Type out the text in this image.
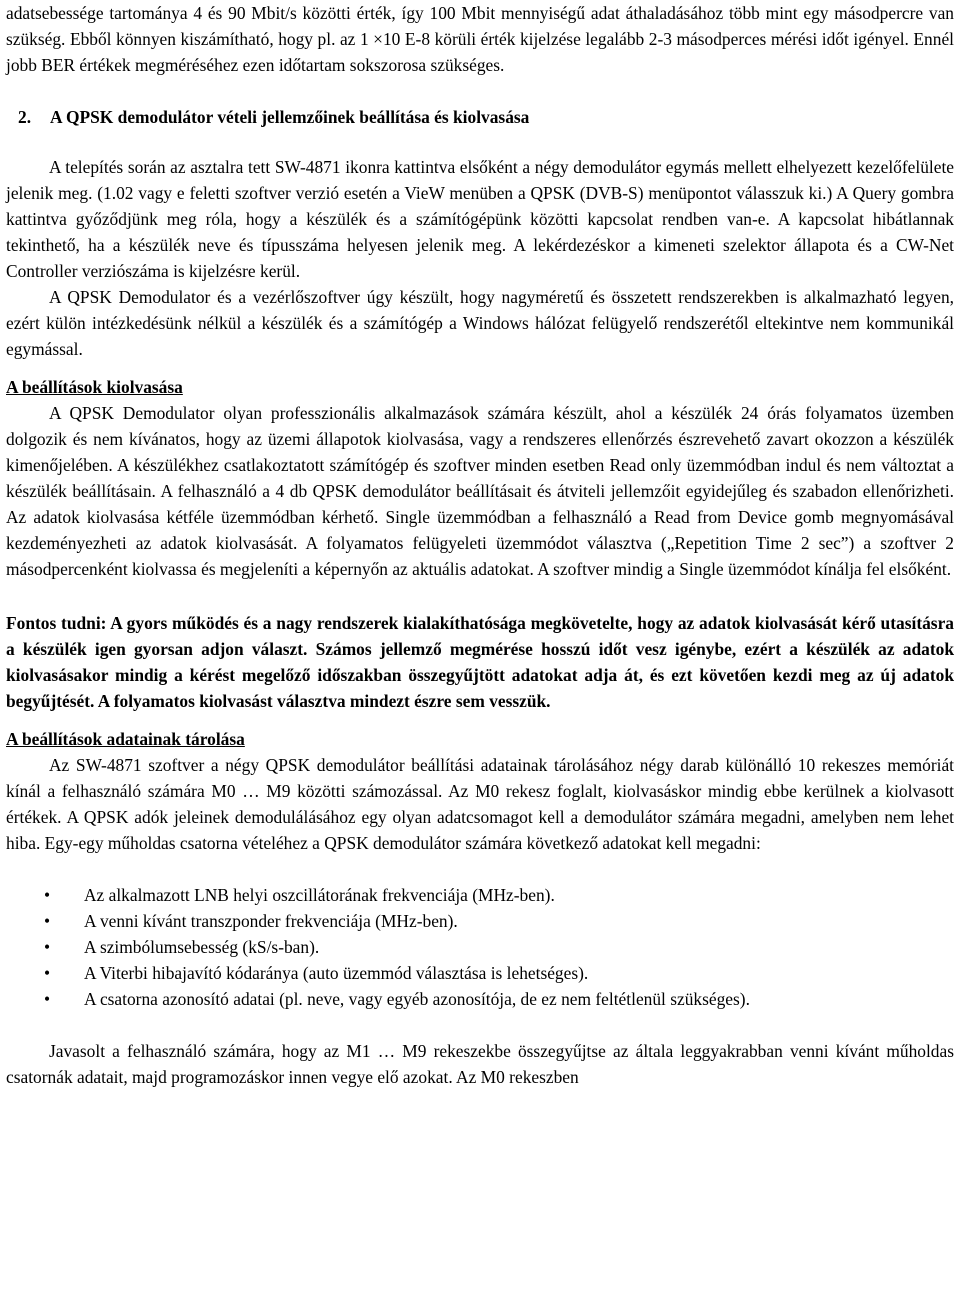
adatsebessége tartománya 4 és 90 Mbit/s közötti érték, így 100 Mbit mennyiségű adat áthaladásához több mint egy másodpercre van szükség. Ebből könnyen kiszámítható, hogy pl. az 1 ×10 E-8 körüli érték kijelzése legalább 2-3 másodperces mérési időt igényel. Ennél jobb BER értékek megméréséhez ezen időtartam sokszorosa szükséges.

2. A QPSK demodulátor vételi jellemzőinek beállítása és kiolvasása

A telepítés során az asztalra tett SW-4871 ikonra kattintva elsőként a négy demodulátor egymás mellett elhelyezett kezelőfelülete jelenik meg. (1.02 vagy e feletti szoftver verzió esetén a VieW menüben a QPSK (DVB-S) menüpontot válasszuk ki.) A Query gombra kattintva győződjünk meg róla, hogy a készülék és a számítógépünk közötti kapcsolat rendben van-e. A kapcsolat hibátlannak tekinthető, ha a készülék neve és típusszáma helyesen jelenik meg. A lekérdezéskor a kimeneti szelektor állapota és a CW-Net Controller verziószáma is kijelzésre kerül.

A QPSK Demodulator és a vezérlőszoftver úgy készült, hogy nagyméretű és összetett rendszerekben is alkalmazható legyen, ezért külön intézkedésünk nélkül a készülék és a számítógép a Windows hálózat felügyelő rendszerétől eltekintve nem kommunikál egymással.

A beállítások kiolvasása

A QPSK Demodulator olyan professzionális alkalmazások számára készült, ahol a készülék 24 órás folyamatos üzemben dolgozik és nem kívánatos, hogy az üzemi állapotok kiolvasása, vagy a rendszeres ellenőrzés észrevehető zavart okozzon a készülék kimenőjelében. A készülékhez csatlakoztatott számítógép és szoftver minden esetben Read only üzemmódban indul és nem változtat a készülék beállításain. A felhasználó a 4 db QPSK demodulátor beállításait és átviteli jellemzőit egyidejűleg és szabadon ellenőrizheti. Az adatok kiolvasása kétféle üzemmódban kérhető. Single üzemmódban a felhasználó a Read from Device gomb megnyomásával kezdeményezheti az adatok kiolvasását. A folyamatos felügyeleti üzemmódot választva („Repetition Time 2 sec”) a szoftver 2 másodpercenként kiolvassa és megjeleníti a képernyőn az aktuális adatokat. A szoftver mindig a Single üzemmódot kínálja fel elsőként.

Fontos tudni: A gyors működés és a nagy rendszerek kialakíthatósága megkövetelte, hogy az adatok kiolvasását kérő utasításra a készülék igen gyorsan adjon választ. Számos jellemző megmérése hosszú időt vesz igénybe, ezért a készülék az adatok kiolvasásakor mindig a kérést megelőző időszakban összegyűjtött adatokat adja át, és ezt követően kezdi meg az új adatok begyűjtését. A folyamatos kiolvasást választva mindezt észre sem vesszük.

A beállítások adatainak tárolása

Az SW-4871 szoftver a négy QPSK demodulátor beállítási adatainak tárolásához négy darab különálló 10 rekeszes memóriát kínál a felhasználó számára M0 … M9 közötti számozással. Az M0 rekesz foglalt, kiolvasáskor mindig ebbe kerülnek a kiolvasott értékek. A QPSK adók jeleinek demodulálásához egy olyan adatcsomagot kell a demodulátor számára megadni, amelyben nem lehet hiba. Egy-egy műholdas csatorna vételéhez a QPSK demodulátor számára következő adatokat kell megadni:

• Az alkalmazott LNB helyi oszcillátorának frekvenciája (MHz-ben).
• A venni kívánt transzponder frekvenciája (MHz-ben).
• A szimbólumsebesség (kS/s-ban).
• A Viterbi hibajavító kódaránya (auto üzemmód választása is lehetséges).
• A csatorna azonosító adatai (pl. neve, vagy egyéb azonosítója, de ez nem feltétlenül szükséges).

Javasolt a felhasználó számára, hogy az M1 … M9 rekeszekbe összegyűjtse az általa leggyakrabban venni kívánt műholdas csatornák adatait, majd programozáskor innen vegye elő azokat. Az M0 rekeszben
